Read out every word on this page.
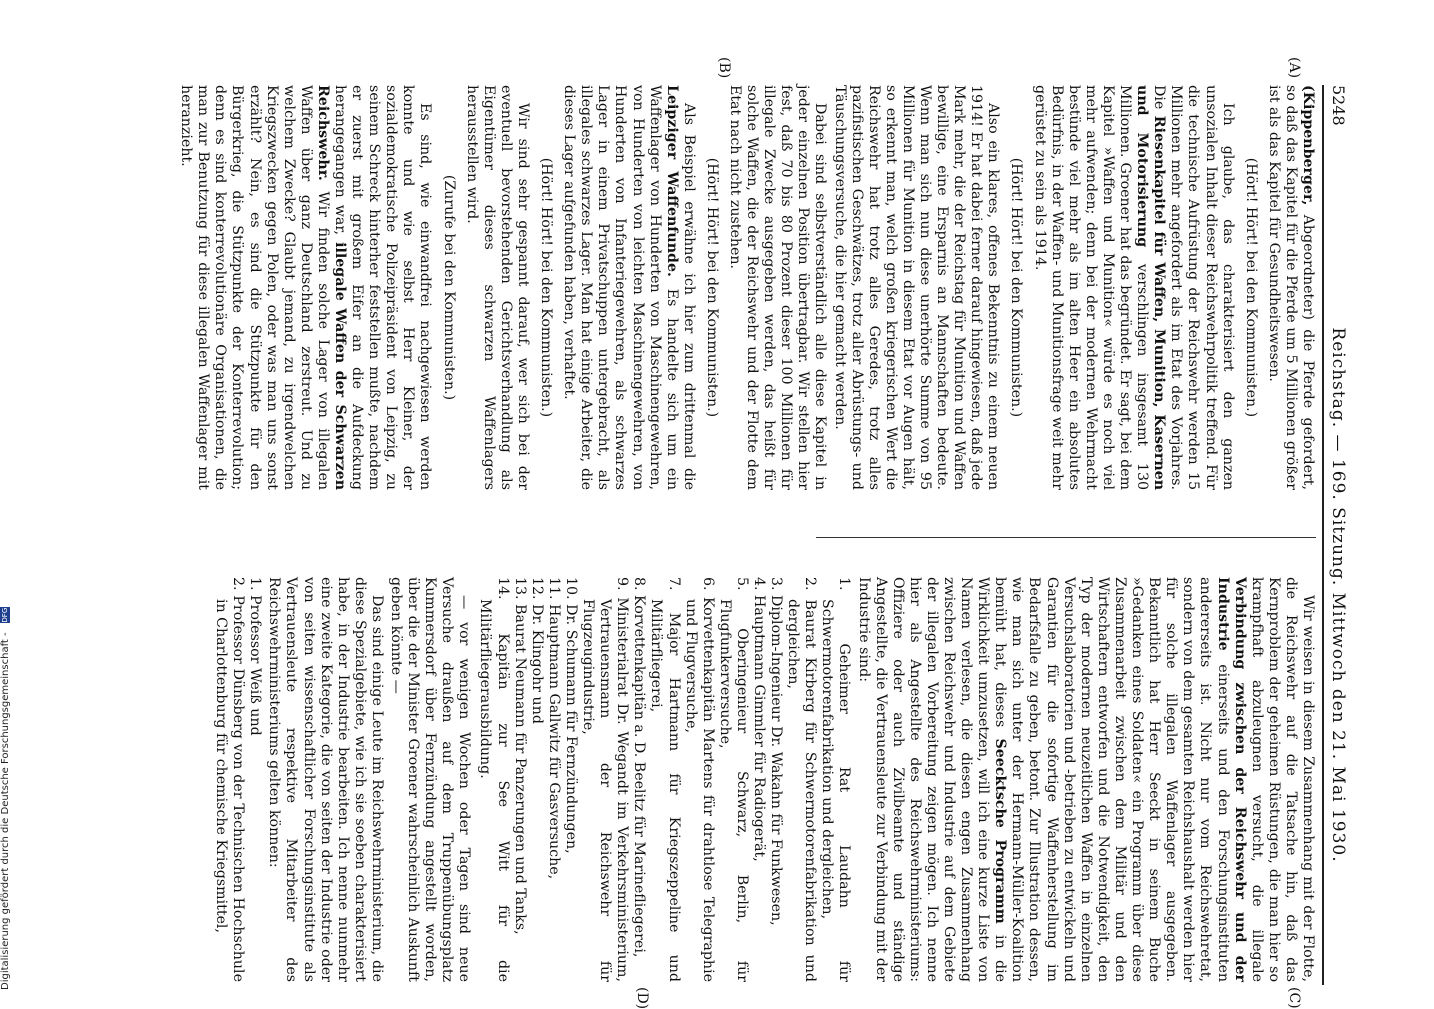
5248
Reichstag. — 169. Sitzung. Mittwoch den 21. Mai 1930.
(A)
(B)
(C)
(D)

(Kippenberger, Abgeordneter) die Pferde gefordert, so daß das Kapitel für die Pferde um 5 Millionen größer ist als das Kapitel für Gesundheitswesen.

(Hört! Hört! bei den Kommunisten.)

Ich glaube, das charakterisiert den ganzen unsozialen Inhalt dieser Reichswehrpolitik treffend. Für die technische Aufrüstung der Reichswehr werden 15 Millionen mehr angefordert als im Etat des Vorjahres. Die Riesenkapitel für Waffen, Munition, Kasernen und Motorisierung verschlingen insgesamt 130 Millionen. Groener hat das begründet. Er sagt, bei dem Kapitel »Waffen und Munition« würde es noch viel mehr aufwenden; denn bei der modernen Wehrmacht bestünde viel mehr als im alten Heer ein absolutes Bedürfnis, in der Waffen- und Munitionsfrage weit mehr gerüstet zu sein als 1914.

(Hört! Hört! bei den Kommunisten.)

Also ein klares, offenes Bekenntnis zu einem neuen 1914! Er hat dabei ferner darauf hingewiesen, daß jede Mark mehr, die der Reichstag für Munition und Waffen bewillige, eine Ersparnis an Mannschaften bedeute. Wenn man sich nun diese unerhörte Summe von 95 Millionen für Munition in diesem Etat vor Augen hält, so erkennt man, welch großen kriegerischen Wert die Reichswehr hat trotz alles Geredes, trotz alles pazifistischen Geschwätzes, trotz aller Abrüstungs- und Täuschungsversuche, die hier gemacht werden.

Dabei sind selbstverständlich alle diese Kapitel in jeder einzelnen Position übertragbar. Wir stellen hier fest, daß 70 bis 80 Prozent dieser 100 Millionen für illegale Zwecke ausgegeben werden, das heißt für solche Waffen, die der Reichswehr und der Flotte dem Etat nach nicht zustehen.

(Hört! Hört! bei den Kommunisten.)

Als Beispiel erwähne ich hier zum drittenmal die Leipziger Waffenfunde. Es handelte sich um ein Waffenlager von Hunderten von Maschinengewehren, von Hunderten von leichten Maschinengewehren, von Hunderten von Infanteriegewehren, als schwarzes Lager in einem Privatschuppen untergebracht, als illegales schwarzes Lager. Man hat einige Arbeiter, die dieses Lager aufgefunden haben, verhaftet.

(Hört! Hört! bei den Kommunisten.)

Wir sind sehr gespannt darauf, wer sich bei der eventuell bevorstehenden Gerichtsverhandlung als Eigentümer dieses schwarzen Waffenlagers herausstellen wird.

(Zurufe bei den Kommunisten.)

Es sind, wie einwandfrei nachgewiesen werden konnte und wie selbst Herr Kleiner, der sozialdemokratische Polizeipräsident von Leipzig, zu seinem Schreck hinterher feststellen mußte, nachdem er zuerst mit großem Eifer an die Aufdeckung herangegangen war, illegale Waffen der Schwarzen Reichswehr. Wir finden solche Lager von illegalen Waffen über ganz Deutschland zerstreut. Und zu welchem Zwecke? Glaubt jemand, zu irgendwelchen Kriegszwecken gegen Polen, oder was man uns sonst erzählt? Nein, es sind die Stützpunkte für den Bürgerkrieg, die Stützpunkte der Konterrevolution; denn es sind konterrevolutionäre Organisationen, die man zur Benutzung für diese illegalen Waffenlager mit heranzieht.

Wir weisen in diesem Zusammenhang mit der Flotte, die Reichswehr auf die Tatsache hin, daß das Kernproblem der geheimen Rüstungen, die man hier so krampfhaft abzuleugnen versucht, die illegale Verbindung zwischen der Reichswehr und der Industrie einerseits und den Forschungsinstituten andererseits ist. Nicht nur vom Reichswehretat, sondern von dem gesamten Reichshaushalt werden hier für solche illegalen Waffenlager ausgegeben. Bekanntlich hat Herr Seeckt in seinem Buche »Gedanken eines Soldaten« ein Programm über diese Zusammenarbeit zwischen dem Militär und den Wirtschaftern entworfen und die Notwendigkeit, den Typ der modernen neuzeitlichen Waffen in einzelnen Versuchslaboratorien und -betrieben zu entwickeln und Garantien für die sofortige Waffenherstellung im Bedarfsfalle zu geben, betont. Zur Illustration dessen, wie man sich unter der Hermann-Müller-Koalition bemüht hat, dieses Seecktsche Programm in die Wirklichkeit umzusetzen, will ich eine kurze Liste von Namen verlesen, die diesen engen Zusammenhang zwischen Reichswehr und Industrie auf dem Gebiete der illegalen Vorbereitung zeigen mögen. Ich nenne hier als Angestellte des Reichswehrministeriums: Offiziere oder auch Zivilbeamte und ständige Angestellte, die Vertrauensleute zur Verbindung mit der Industrie sind:

1. Geheimer Rat Laudahn für Schwermotorenfabrikation und dergleichen,
2. Baurat Kirberg für Schwermotorenfabrikation und dergleichen,
3. Diplom-Ingenieur Dr. Wakahn für Funkwesen,
4. Hauptmann Gimmler für Radiogerät,
5. Oberingenieur Schwarz, Berlin, für Flugfunkerversuche,
6. Korvettenkapitän Martens für drahtlose Telegraphie und Flugversuche,
7. Major Hartmann für Kriegszeppeline und Militärfliegerei,
8. Korvettenkapitän a. D. Beelitz für Marinefliegerei,
9. Ministerialrat Dr. Wegandt im Verkehrsministerium, Vertrauensmann der Reichswehr für Flugzeugindustrie,
10. Dr. Schumann für Fernzündungen,
11. Hauptmann Gallwitz für Gasversuche,
12. Dr. Klingohr und
13. Baurat Neumann für Panzerungen und Tanks,
14. Kapitän zur See Witt für die Militärfliegerausbildung.

— vor wenigen Wochen oder Tagen sind neue Versuche draußen auf dem Truppenübungsplatz Kummersdorf über Fernzündung angestellt worden, über die der Minister Groener wahrscheinlich Auskunft geben könnte —

Das sind einige Leute im Reichswehrministerium, die diese Spezialgebiete, wie ich sie soeben charakterisiert habe, in der Industrie bearbeiten. Ich nenne nunmehr eine zweite Kategorie, die von seiten der Industrie oder von seiten wissenschaftlicher Forschungsinstitute als Vertrauensleute respektive Mitarbeiter des Reichswehrministeriums gelten können:

1. Professor Weiß und
2. Professor Dünsberg von der Technischen Hochschule in Charlottenburg für chemische Kriegsmittel,
Digitalisierung gefördert durch die Deutsche Forschungsgemeinschaft - DFG
